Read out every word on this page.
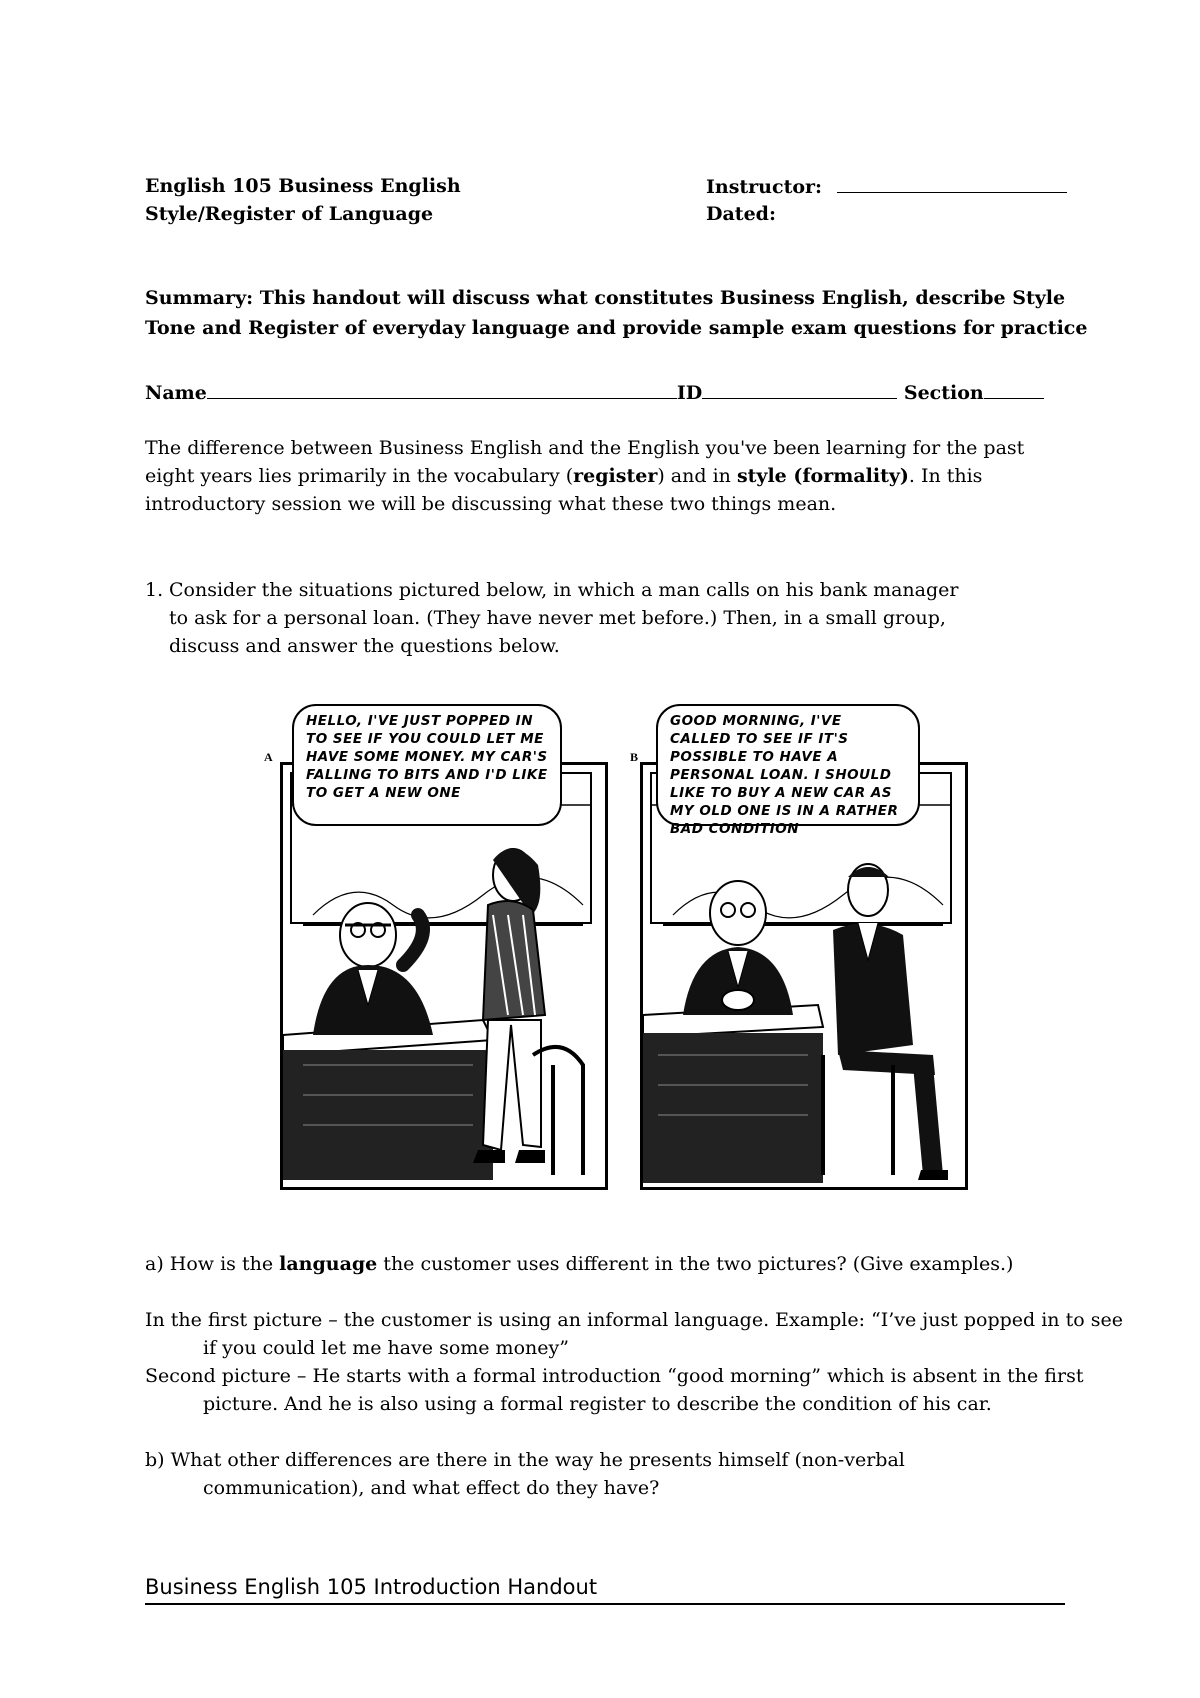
English 105 Business English
Style/Register of Language
Instructor:
Dated:
Summary: This handout will discuss what constitutes Business English, describe Style
Tone and Register of everyday language and provide sample exam questions for practice
Name	ID	Section
The difference between Business English and the English you've been learning for the past eight years lies primarily in the vocabulary (register) and in style (formality). In this introductory session we will be discussing what these two things mean.
1. Consider the situations pictured below, in which a man calls on his bank manager to ask for a personal loan. (They have never met before.) Then, in a small group, discuss and answer the questions below.
A
HELLO, I'VE JUST POPPED IN TO SEE IF YOU COULD LET ME HAVE SOME MONEY. MY CAR'S FALLING TO BITS AND I'D LIKE TO GET A NEW ONE
B
GOOD MORNING, I'VE CALLED TO SEE IF IT'S POSSIBLE TO HAVE A PERSONAL LOAN. I SHOULD LIKE TO BUY A NEW CAR AS MY OLD ONE IS IN A RATHER BAD CONDITION
a) How is the language the customer uses different in the two pictures? (Give examples.)
In the first picture – the customer is using an informal language. Example: “I’ve just popped in to see if you could let me have some money”
Second picture – He starts with a formal introduction “good morning” which is absent in the first picture. And he is also using a formal register to describe the condition of his car.
b) What other differences are there in the way he presents himself (non-verbal communication), and what effect do they have?
Business English 105 Introduction Handout
